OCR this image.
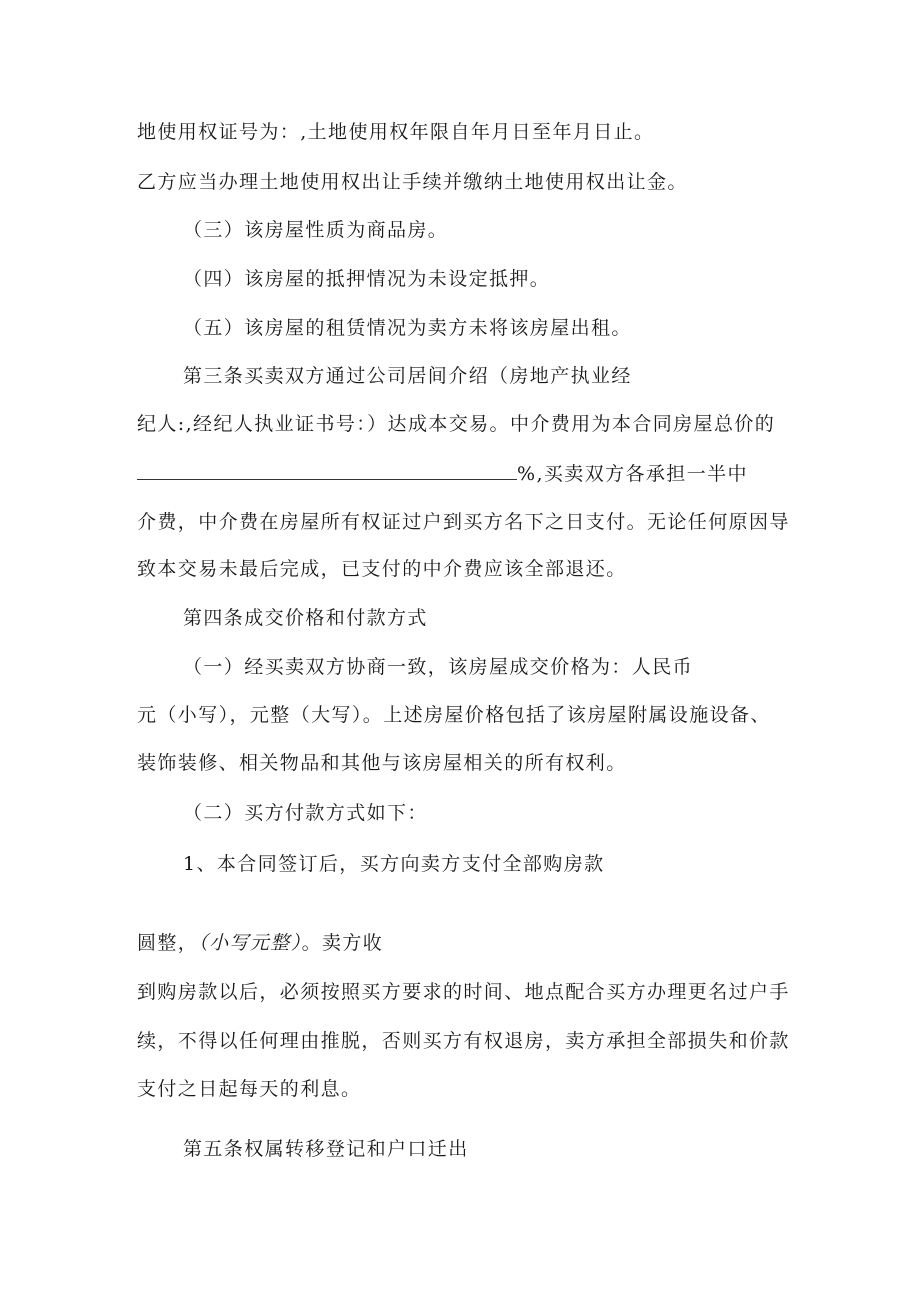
地使用权证号为：,土地使用权年限自年月日至年月日止。
乙方应当办理土地使用权出让手续并缴纳土地使用权出让金。
（三）该房屋性质为商品房。
（四）该房屋的抵押情况为未设定抵押。
（五）该房屋的租赁情况为卖方未将该房屋出租。
第三条买卖双方通过公司居间介绍（房地产执业经
纪人:,经纪人执业证书号：）达成本交易。中介费用为本合同房屋总价的
%,买卖双方各承担一半中
介费，中介费在房屋所有权证过户到买方名下之日支付。无论任何原因导
致本交易未最后完成，已支付的中介费应该全部退还。
第四条成交价格和付款方式
（一）经买卖双方协商一致，该房屋成交价格为：人民币
元（小写），元整（大写）。上述房屋价格包括了该房屋附属设施设备、
装饰装修、相关物品和其他与该房屋相关的所有权利。
（二）买方付款方式如下：
1、本合同签订后，买方向卖方支付全部购房款
圆整，（小写元整）。卖方收
到购房款以后，必须按照买方要求的时间、地点配合买方办理更名过户手
续，不得以任何理由推脱，否则买方有权退房，卖方承担全部损失和价款
支付之日起每天的利息。
第五条权属转移登记和户口迁出
